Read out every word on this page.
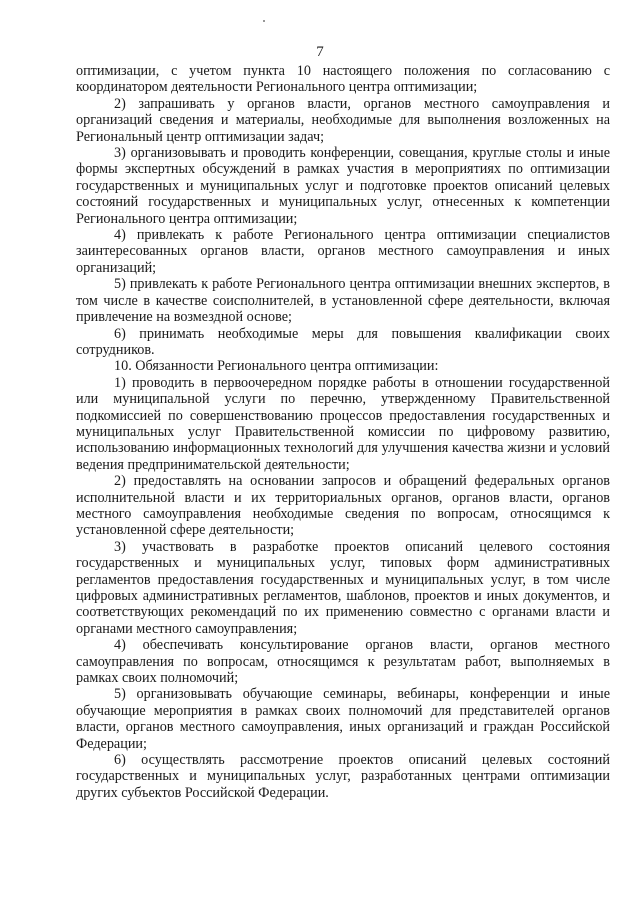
7

оптимизации, с учетом пункта 10 настоящего положения по согласованию с координатором деятельности Регионального центра оптимизации;

2) запрашивать у органов власти, органов местного самоуправления и организаций сведения и материалы, необходимые для выполнения возложенных на Региональный центр оптимизации задач;

3) организовывать и проводить конференции, совещания, круглые столы и иные формы экспертных обсуждений в рамках участия в мероприятиях по оптимизации государственных и муниципальных услуг и подготовке проектов описаний целевых состояний государственных и муниципальных услуг, отнесенных к компетенции Регионального центра оптимизации;

4) привлекать к работе Регионального центра оптимизации специалистов заинтересованных органов власти, органов местного самоуправления и иных организаций;

5) привлекать к работе Регионального центра оптимизации внешних экспертов, в том числе в качестве соисполнителей, в установленной сфере деятельности, включая привлечение на возмездной основе;

6) принимать необходимые меры для повышения квалификации своих сотрудников.

10. Обязанности Регионального центра оптимизации:

1) проводить в первоочередном порядке работы в отношении государственной или муниципальной услуги по перечню, утвержденному Правительственной подкомиссией по совершенствованию процессов предоставления государственных и муниципальных услуг Правительственной комиссии по цифровому развитию, использованию информационных технологий для улучшения качества жизни и условий ведения предпринимательской деятельности;

2) предоставлять на основании запросов и обращений федеральных органов исполнительной власти и их территориальных органов, органов власти, органов местного самоуправления необходимые сведения по вопросам, относящимся к установленной сфере деятельности;

3) участвовать в разработке проектов описаний целевого состояния государственных и муниципальных услуг, типовых форм административных регламентов предоставления государственных и муниципальных услуг, в том числе цифровых административных регламентов, шаблонов, проектов и иных документов, и соответствующих рекомендаций по их применению совместно с органами власти и органами местного самоуправления;

4) обеспечивать консультирование органов власти, органов местного самоуправления по вопросам, относящимся к результатам работ, выполняемых в рамках своих полномочий;

5) организовывать обучающие семинары, вебинары, конференции и иные обучающие мероприятия в рамках своих полномочий для представителей органов власти, органов местного самоуправления, иных организаций и граждан Российской Федерации;

6) осуществлять рассмотрение проектов описаний целевых состояний государственных и муниципальных услуг, разработанных центрами оптимизации других субъектов Российской Федерации.
